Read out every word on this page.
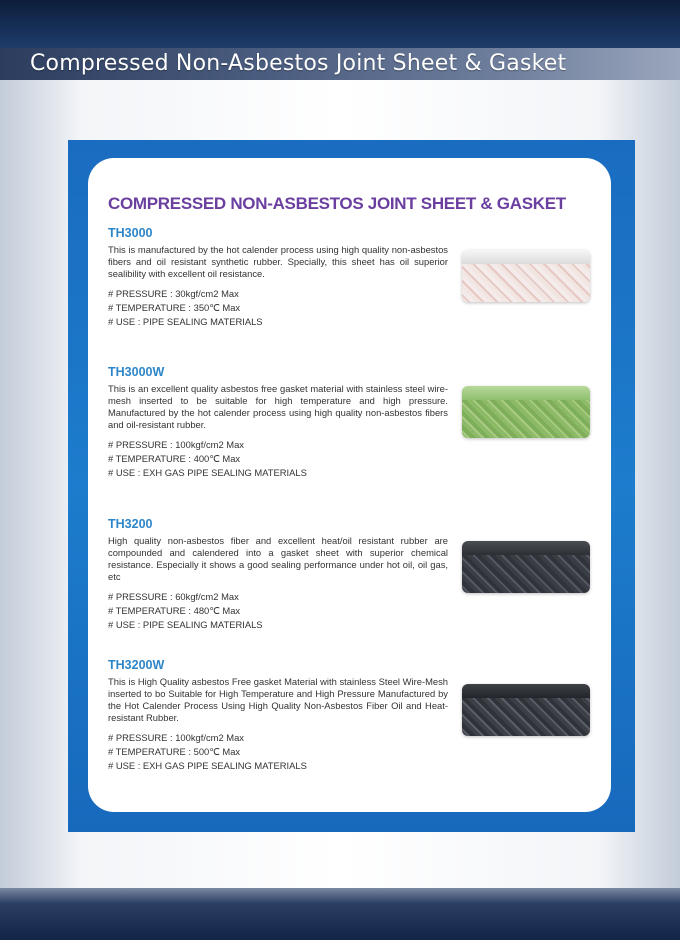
Compressed Non-Asbestos Joint Sheet & Gasket
COMPRESSED NON-ASBESTOS JOINT SHEET & GASKET
TH3000

This is manufactured by the hot calender process using high quality non-asbestos fibers and oil resistant synthetic rubber. Specially, this sheet has oil superior sealibility with excellent oil resistance.

# PRESSURE : 30kgf/cm2 Max
# TEMPERATURE : 350℃ Max
# USE : PIPE SEALING MATERIALS
TH3000W

This is an excellent quality asbestos free gasket material with stainless steel wire-mesh inserted to be suitable for high temperature and high pressure. Manufactured by the hot calender process using high quality non-asbestos fibers and oil-resistant rubber.

# PRESSURE : 100kgf/cm2 Max
# TEMPERATURE : 400℃ Max
# USE : EXH GAS PIPE SEALING MATERIALS
TH3200

High quality non-asbestos fiber and excellent heat/oil resistant rubber are compounded and calendered into a gasket sheet with superior chemical resistance. Especially it shows a good sealing performance under hot oil, oil gas, etc

# PRESSURE : 60kgf/cm2 Max
# TEMPERATURE : 480℃ Max
# USE : PIPE SEALING MATERIALS
TH3200W

This is High Quality asbestos Free gasket Material with stainless Steel Wire-Mesh inserted to bo Suitable for High Temperature and High Pressure Manufactured by the Hot Calender Process Using High Quality Non-Asbestos Fiber Oil and Heat-resistant Rubber.

# PRESSURE : 100kgf/cm2 Max
# TEMPERATURE : 500℃ Max
# USE : EXH GAS PIPE SEALING MATERIALS
